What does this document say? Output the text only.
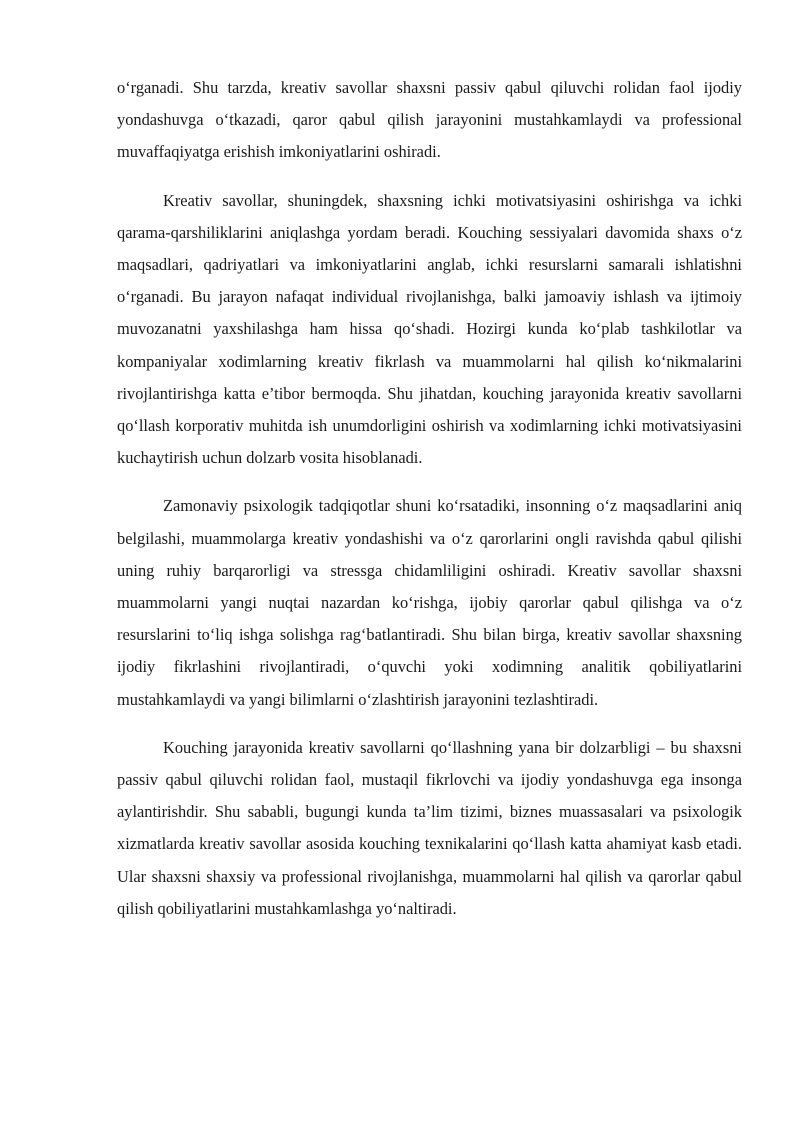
o‘rganadi. Shu tarzda, kreativ savollar shaxsni passiv qabul qiluvchi rolidan faol ijodiy yondashuvga o‘tkazadi, qaror qabul qilish jarayonini mustahkamlaydi va professional muvaffaqiyatga erishish imkoniyatlarini oshiradi.

Kreativ savollar, shuningdek, shaxsning ichki motivatsiyasini oshirishga va ichki qarama-qarshiliklarini aniqlashga yordam beradi. Kouching sessiyalari davomida shaxs o‘z maqsadlari, qadriyatlari va imkoniyatlarini anglab, ichki resurslarni samarali ishlatishni o‘rganadi. Bu jarayon nafaqat individual rivojlanishga, balki jamoaviy ishlash va ijtimoiy muvozanatni yaxshilashga ham hissa qo‘shadi. Hozirgi kunda ko‘plab tashkilotlar va kompaniyalar xodimlarning kreativ fikrlash va muammolarni hal qilish ko‘nikmalarini rivojlantirishga katta e’tibor bermoqda. Shu jihatdan, kouching jarayonida kreativ savollarni qo‘llash korporativ muhitda ish unumdorligini oshirish va xodimlarning ichki motivatsiyasini kuchaytirish uchun dolzarb vosita hisoblanadi.

Zamonaviy psixologik tadqiqotlar shuni ko‘rsatadiki, insonning o‘z maqsadlarini aniq belgilashi, muammolarga kreativ yondashishi va o‘z qarorlarini ongli ravishda qabul qilishi uning ruhiy barqarorligi va stressga chidamliligini oshiradi. Kreativ savollar shaxsni muammolarni yangi nuqtai nazardan ko‘rishga, ijobiy qarorlar qabul qilishga va o‘z resurslarini to‘liq ishga solishga rag‘batlantiradi. Shu bilan birga, kreativ savollar shaxsning ijodiy fikrlashini rivojlantiradi, o‘quvchi yoki xodimning analitik qobiliyatlarini mustahkamlaydi va yangi bilimlarni o‘zlashtirish jarayonini tezlashtiradi.

Kouching jarayonida kreativ savollarni qo‘llashning yana bir dolzarbligi – bu shaxsni passiv qabul qiluvchi rolidan faol, mustaqil fikrlovchi va ijodiy yondashuvga ega insonga aylantirishdir. Shu sababli, bugungi kunda ta’lim tizimi, biznes muassasalari va psixologik xizmatlarda kreativ savollar asosida kouching texnikalarini qo‘llash katta ahamiyat kasb etadi. Ular shaxsni shaxsiy va professional rivojlanishga, muammolarni hal qilish va qarorlar qabul qilish qobiliyatlarini mustahkamlashga yo‘naltiradi.
